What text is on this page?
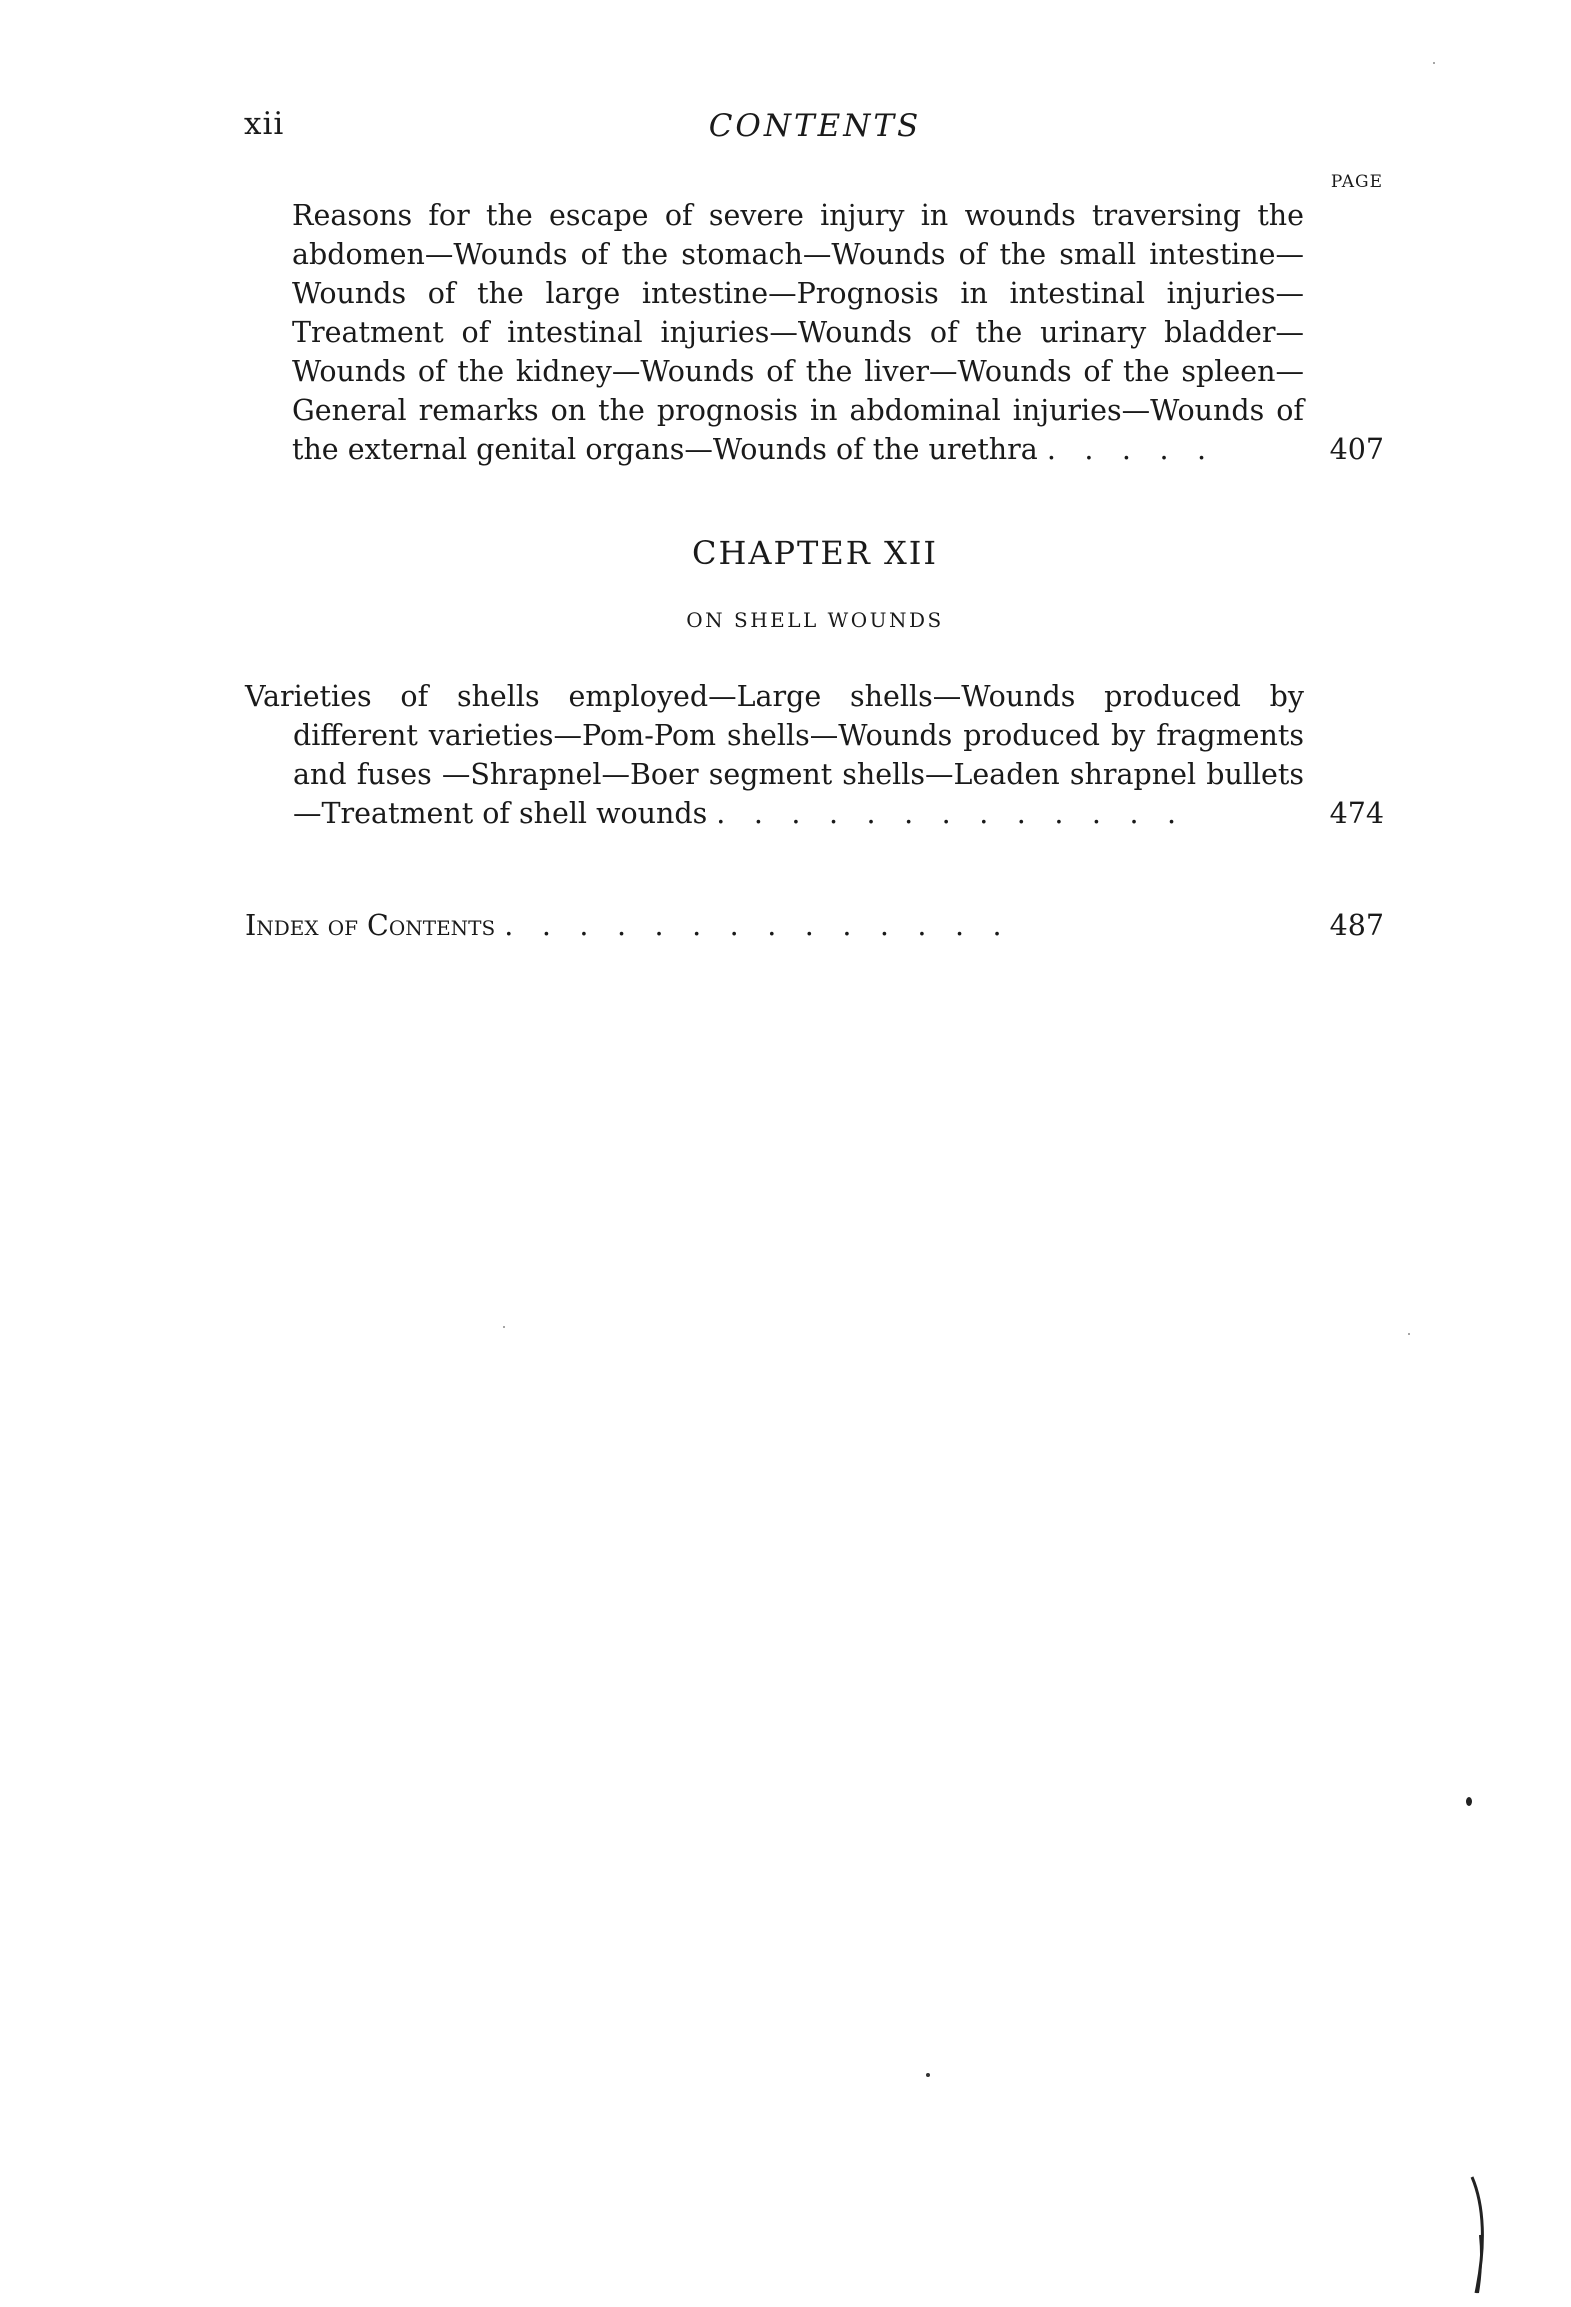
xii	CONTENTS
PAGE
Reasons for the escape of severe injury in wounds traversing the abdomen—Wounds of the stomach—Wounds of the small intestine—Wounds of the large intestine—Prognosis in intestinal injuries—Treatment of intestinal injuries—Wounds of the urinary bladder—Wounds of the kidney—Wounds of the liver—Wounds of the spleen—General remarks on the prognosis in abdominal injuries—Wounds of the external genital organs—Wounds of the urethra . . . . .	407
CHAPTER XII
ON SHELL WOUNDS
Varieties of shells employed—Large shells—Wounds produced by different varieties—Pom-Pom shells—Wounds produced by fragments and fuses —Shrapnel—Boer segment shells—Leaden shrapnel bullets—Treatment of shell wounds . . . . . . . . . . . . .	474
Index of Contents . . . . . . . . . . . . . .	487
